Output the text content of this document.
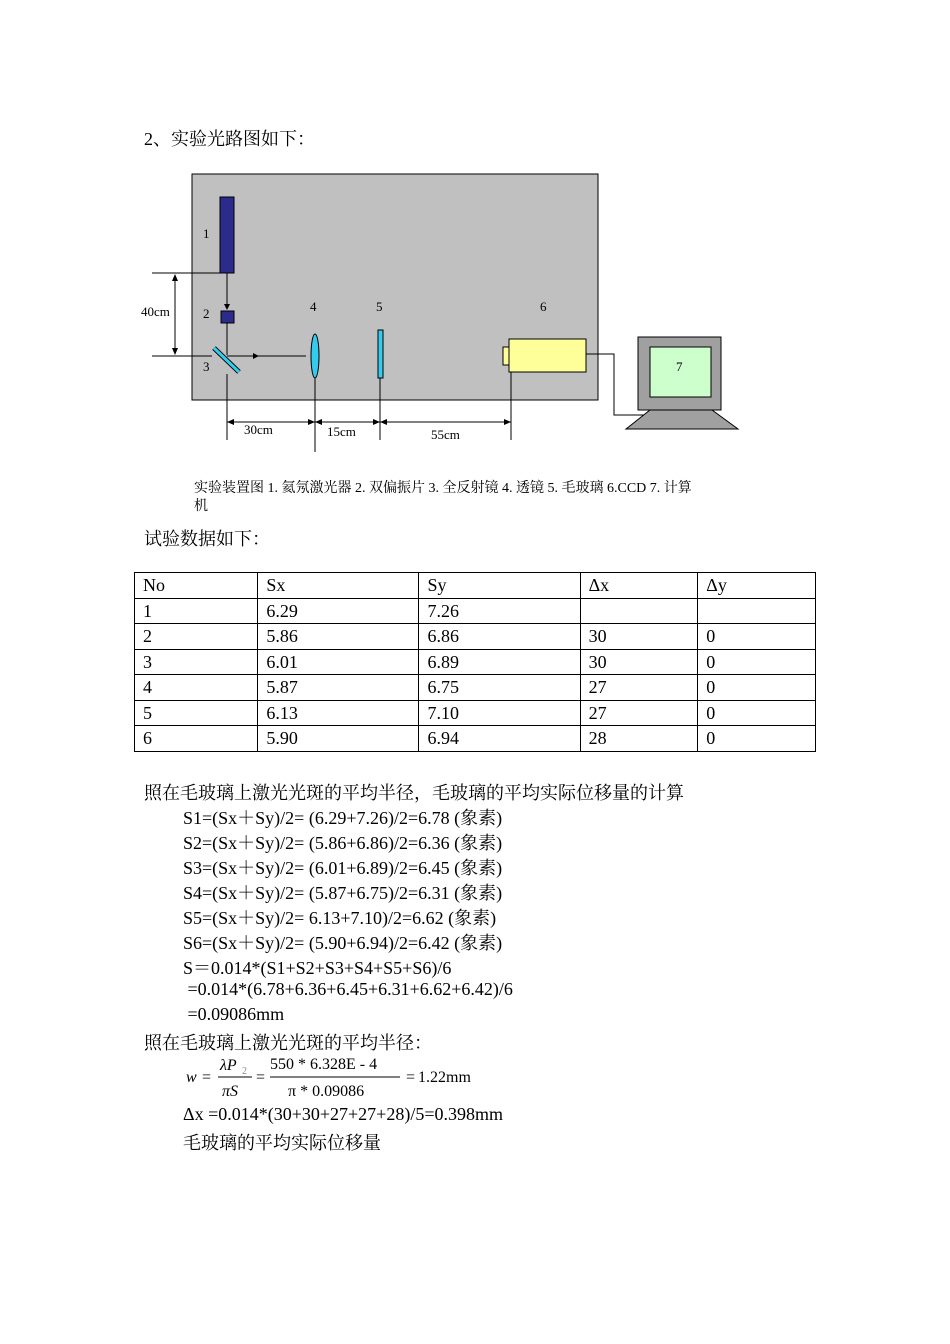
2、实验光路图如下：
1
2
3
4	5	6
7
40cm
30cm	15cm	55cm
实验装置图 1. 氦氖激光器 2. 双偏振片 3. 全反射镜 4. 透镜 5. 毛玻璃 6.CCD 7. 计算
机
试验数据如下：
No	Sx	Sy	Δx	Δy
1	6.29	7.26		
2	5.86	6.86	30	0
3	6.01	6.89	30	0
4	5.87	6.75	27	0
5	6.13	7.10	27	0
6	5.90	6.94	28	0
照在毛玻璃上激光光斑的平均半径，毛玻璃的平均实际位移量的计算
S1=(Sx＋Sy)/2= (6.29+7.26)/2=6.78 (象素)
S2=(Sx＋Sy)/2= (5.86+6.86)/2=6.36 (象素)
S3=(Sx＋Sy)/2= (6.01+6.89)/2=6.45 (象素)
S4=(Sx＋Sy)/2= (5.87+6.75)/2=6.31 (象素)
S5=(Sx＋Sy)/2= 6.13+7.10)/2=6.62 (象素)
S6=(Sx＋Sy)/2= (5.90+6.94)/2=6.42 (象素)
S＝0.014*(S1+S2+S3+S4+S5+S6)/6
=0.014*(6.78+6.36+6.45+6.31+6.62+6.42)/6
=0.09086mm
照在毛玻璃上激光光斑的平均半径：
w =
λP 2
πS
=
550 * 6.328E - 4
π * 0.09086
= 1.22mm
Δx =0.014*(30+30+27+27+28)/5=0.398mm
毛玻璃的平均实际位移量
